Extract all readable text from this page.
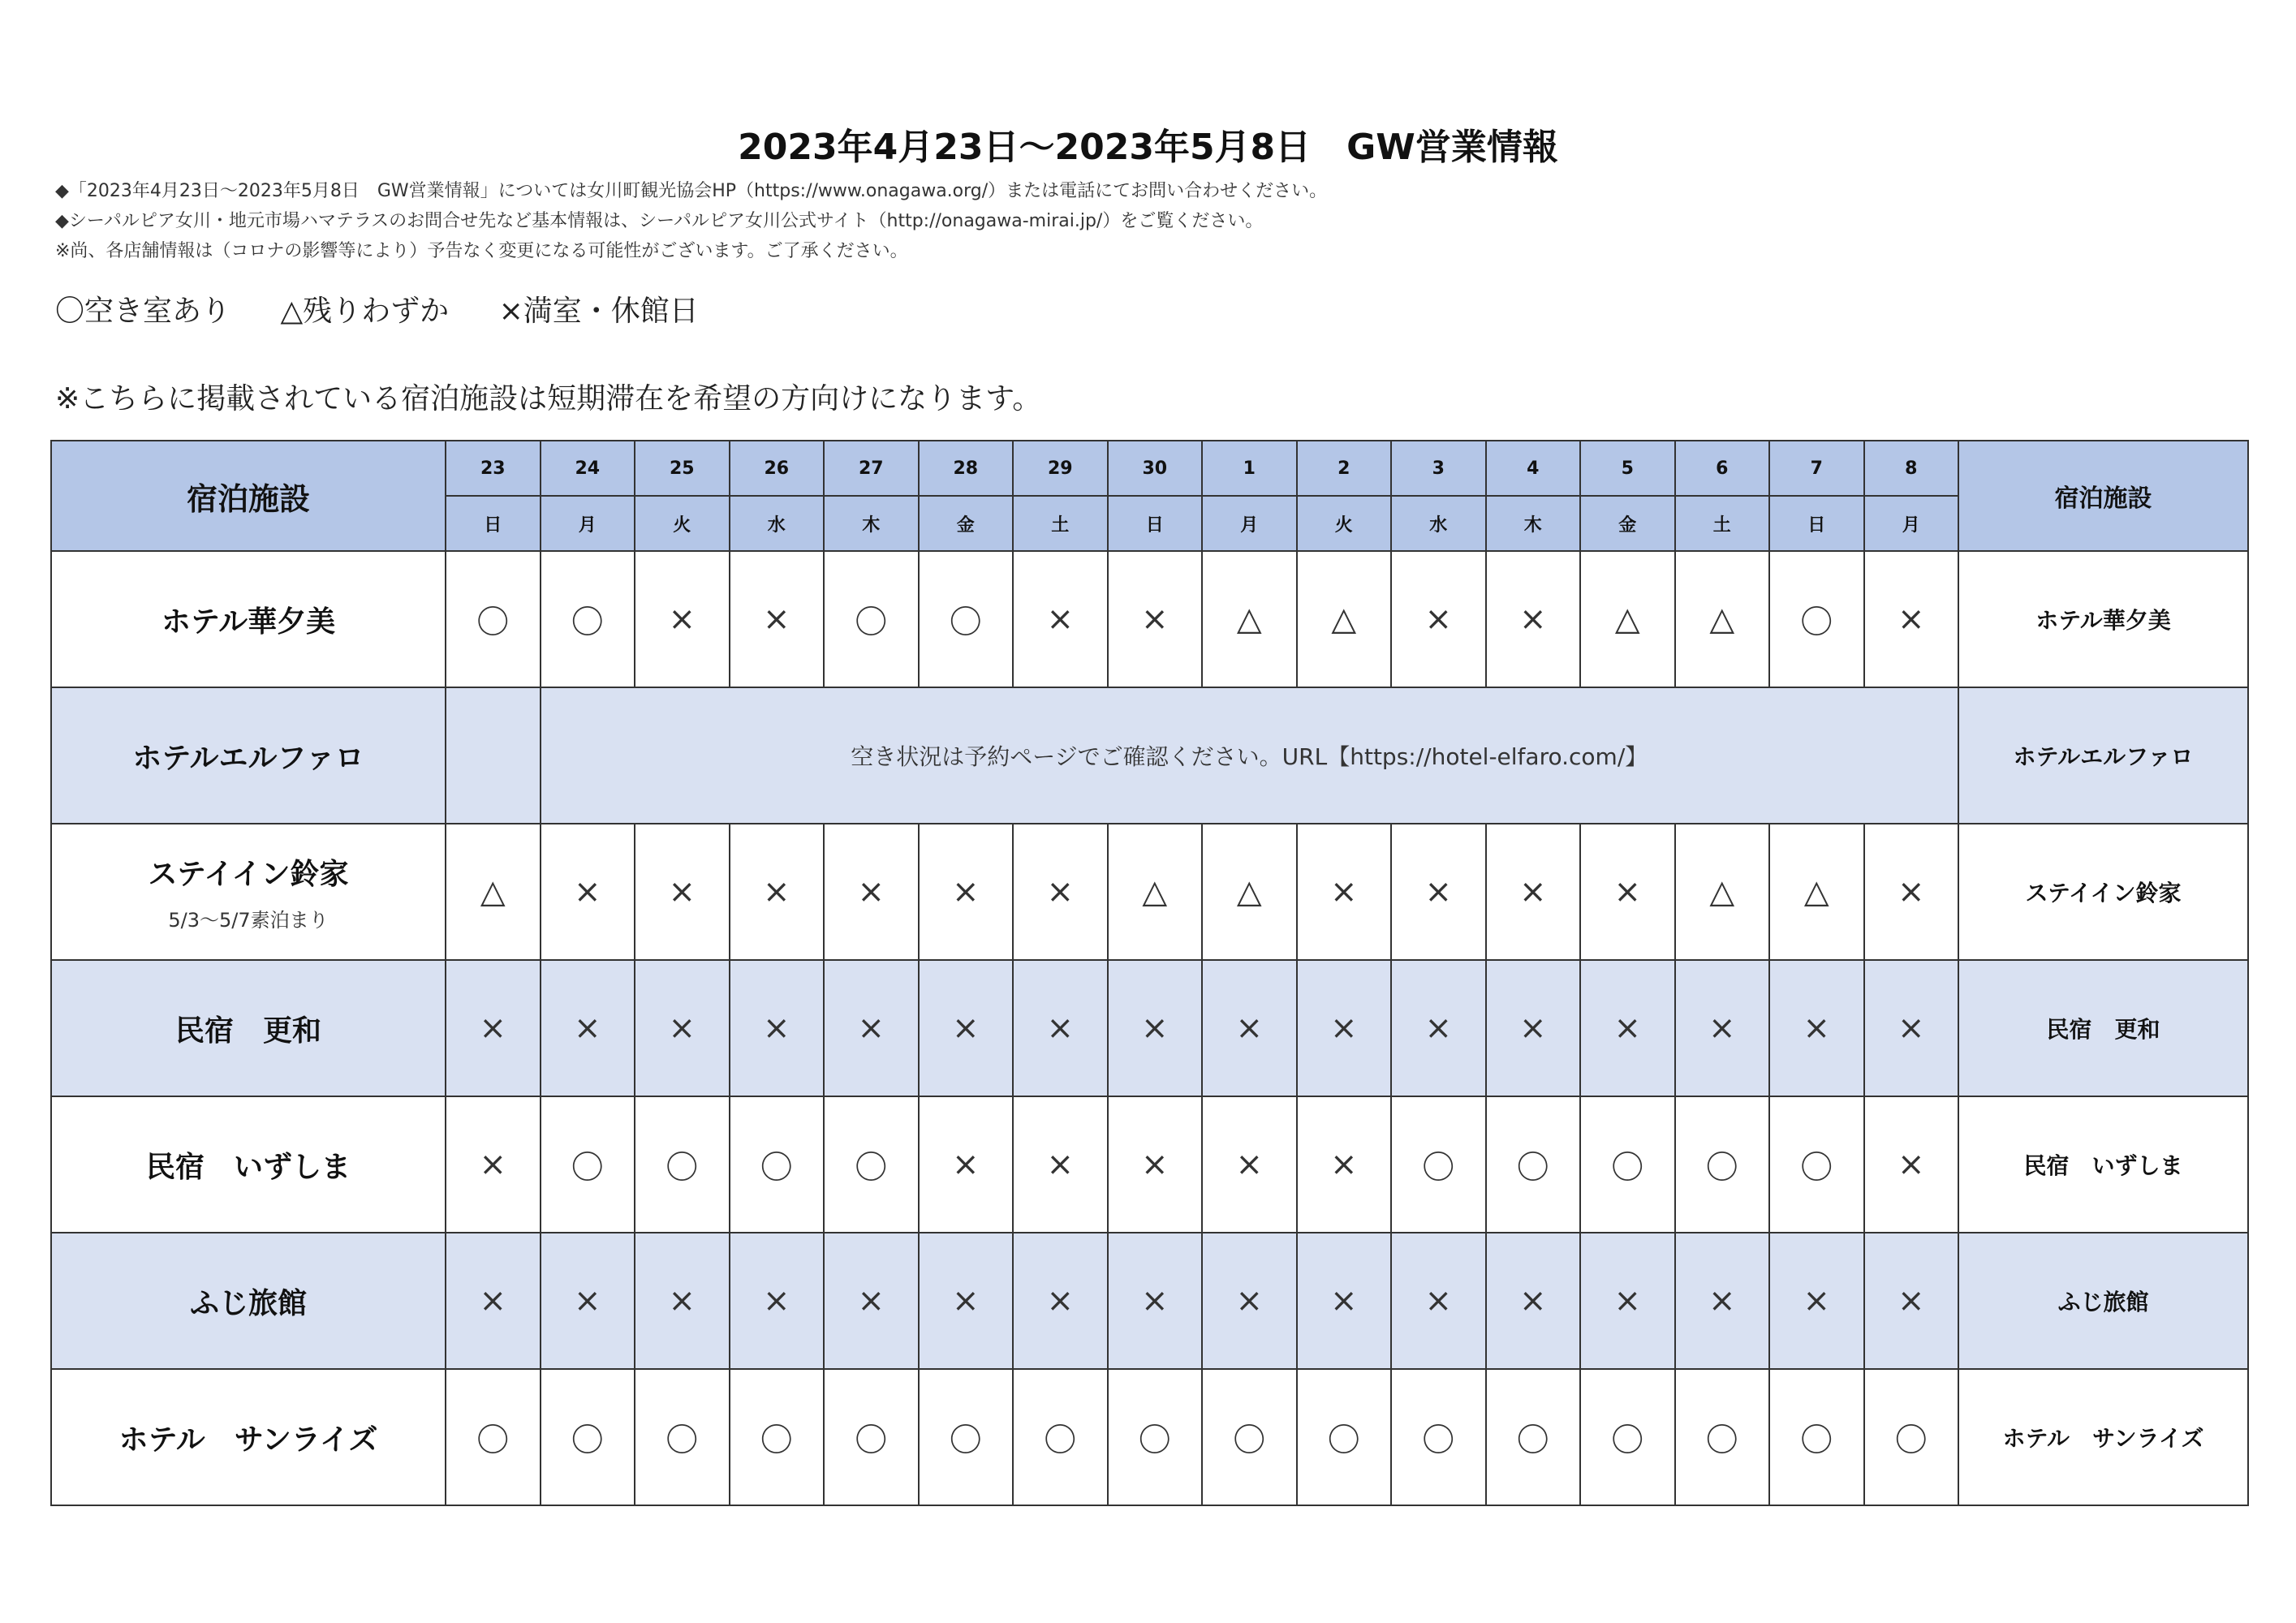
2023年4月23日～2023年5月8日　GW営業情報
◆「2023年4月23日～2023年5月8日　GW営業情報」については女川町観光協会HP（https://www.onagawa.org/）または電話にてお問い合わせください。
◆シーパルピア女川・地元市場ハマテラスのお問合せ先など基本情報は、シーパルピア女川公式サイト（http://onagawa-mirai.jp/）をご覧ください。
※尚、各店舗情報は（コロナの影響等により）予告なく変更になる可能性がございます。ご了承ください。
〇空き室あり △残りわずか ×満室・休館日
※こちらに掲載されている宿泊施設は短期滞在を希望の方向けになります。
宿泊施設	23	24	25	26	27	28	29	30	1	2	3	4	5	6	7	8	宿泊施設
	日	月	火	水	木	金	土	日	月	火	水	木	金	土	日	月	
ホテル華夕美	〇	〇	×	×	〇	〇	×	×	△	△	×	×	△	△	〇	×	ホテル華夕美
ホテルエルファロ		空き状況は予約ページでご確認ください。URL【https://hotel-elfaro.com/】															ホテルエルファロ
ステイイン鈴家
5/3～5/7素泊まり	△	×	×	×	×	×	×	△	△	×	×	×	×	△	△	×	ステイイン鈴家
民宿　更和	×	×	×	×	×	×	×	×	×	×	×	×	×	×	×	×	民宿　更和
民宿　いずしま	×	〇	〇	〇	〇	×	×	×	×	×	〇	〇	〇	〇	〇	×	民宿　いずしま
ふじ旅館	×	×	×	×	×	×	×	×	×	×	×	×	×	×	×	×	ふじ旅館
ホテル　サンライズ	〇	〇	〇	〇	〇	〇	〇	〇	〇	〇	〇	〇	〇	〇	〇	〇	ホテル　サンライズ
